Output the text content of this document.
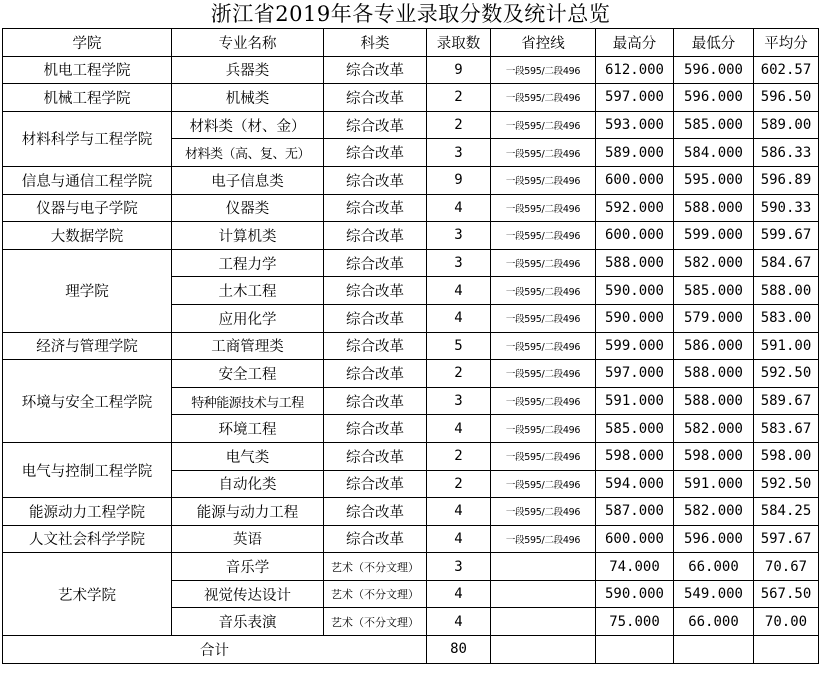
浙江省2019年各专业录取分数及统计总览
学院	专业名称	科类	录取数	省控线	最高分	最低分	平均分
机电工程学院	兵器类	综合改革	9	一段595/二段496	612.000	596.000	602.57
机械工程学院	机械类	综合改革	2	一段595/二段496	597.000	596.000	596.50
材料科学与工程学院	材料类（材、金）	综合改革	2	一段595/二段496	593.000	585.000	589.00
	材料类（高、复、无）	综合改革	3	一段595/二段496	589.000	584.000	586.33
信息与通信工程学院	电子信息类	综合改革	9	一段595/二段496	600.000	595.000	596.89
仪器与电子学院	仪器类	综合改革	4	一段595/二段496	592.000	588.000	590.33
大数据学院	计算机类	综合改革	3	一段595/二段496	600.000	599.000	599.67
理学院	工程力学	综合改革	3	一段595/二段496	588.000	582.000	584.67
	土木工程	综合改革	4	一段595/二段496	590.000	585.000	588.00
	应用化学	综合改革	4	一段595/二段496	590.000	579.000	583.00
经济与管理学院	工商管理类	综合改革	5	一段595/二段496	599.000	586.000	591.00
环境与安全工程学院	安全工程	综合改革	2	一段595/二段496	597.000	588.000	592.50
	特种能源技术与工程	综合改革	3	一段595/二段496	591.000	588.000	589.67
	环境工程	综合改革	4	一段595/二段496	585.000	582.000	583.67
电气与控制工程学院	电气类	综合改革	2	一段595/二段496	598.000	598.000	598.00
	自动化类	综合改革	2	一段595/二段496	594.000	591.000	592.50
能源动力工程学院	能源与动力工程	综合改革	4	一段595/二段496	587.000	582.000	584.25
人文社会科学学院	英语	综合改革	4	一段595/二段496	600.000	596.000	597.67
艺术学院	音乐学	艺术（不分文理）	3		74.000	66.000	70.67
	视觉传达设计	艺术（不分文理）	4		590.000	549.000	567.50
	音乐表演	艺术（不分文理）	4		75.000	66.000	70.00
合计			80				
